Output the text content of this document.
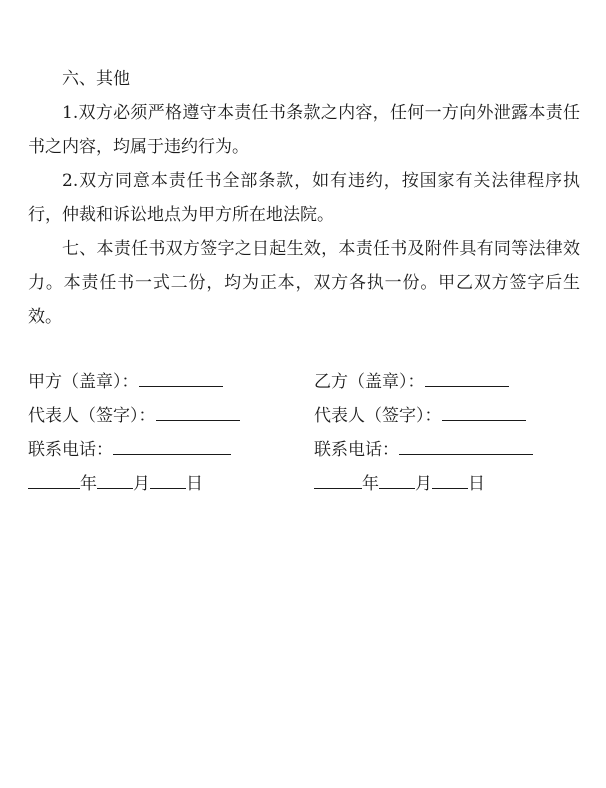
六、其他

1.双方必须严格遵守本责任书条款之内容，任何一方向外泄露本责任书之内容，均属于违约行为。

2.双方同意本责任书全部条款，如有违约，按国家有关法律程序执行，仲裁和诉讼地点为甲方所在地法院。

七、本责任书双方签字之日起生效，本责任书及附件具有同等法律效力。本责任书一式二份，均为正本，双方各执一份。甲乙双方签字后生效。

甲方（盖章）：
代表人（签字）：
联系电话：
年 月 日
乙方（盖章）：
代表人（签字）：
联系电话：
年 月 日
